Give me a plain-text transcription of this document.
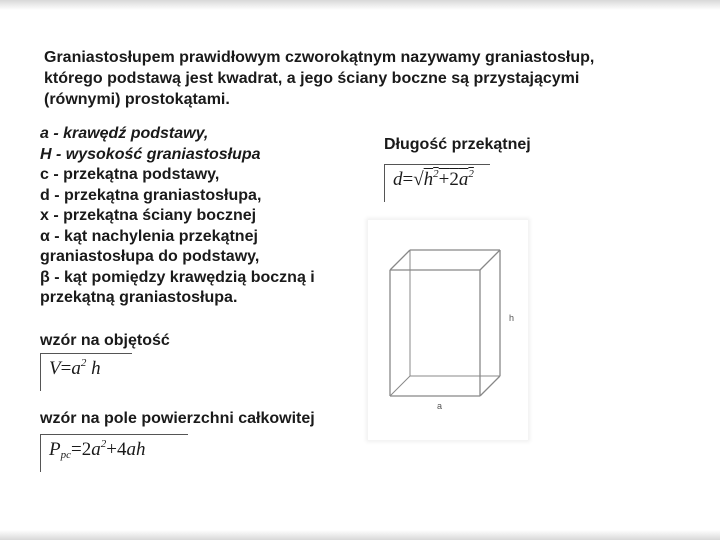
Graniastosłupem prawidłowym czworokątnym nazywamy graniastosłup, którego podstawą jest kwadrat, a jego ściany boczne są przystającymi (równymi) prostokątami.

a - krawędź podstawy,
H - wysokość graniastosłupa
c - przekątna podstawy,
d - przekątna graniastosłupa,
x - przekątna ściany bocznej
α - kąt nachylenia przekątnej
graniastosłupa do podstawy,
β - kąt pomiędzy krawędzią boczną i
przekątną graniastosłupa.
Długość przekątnej
$d=√h^2+2a^2$
wzór na objętość
$V=a^2$ h
wzór na pole powierzchni całkowitej
$P_{pc}=2a^2+4ah$
h
a
